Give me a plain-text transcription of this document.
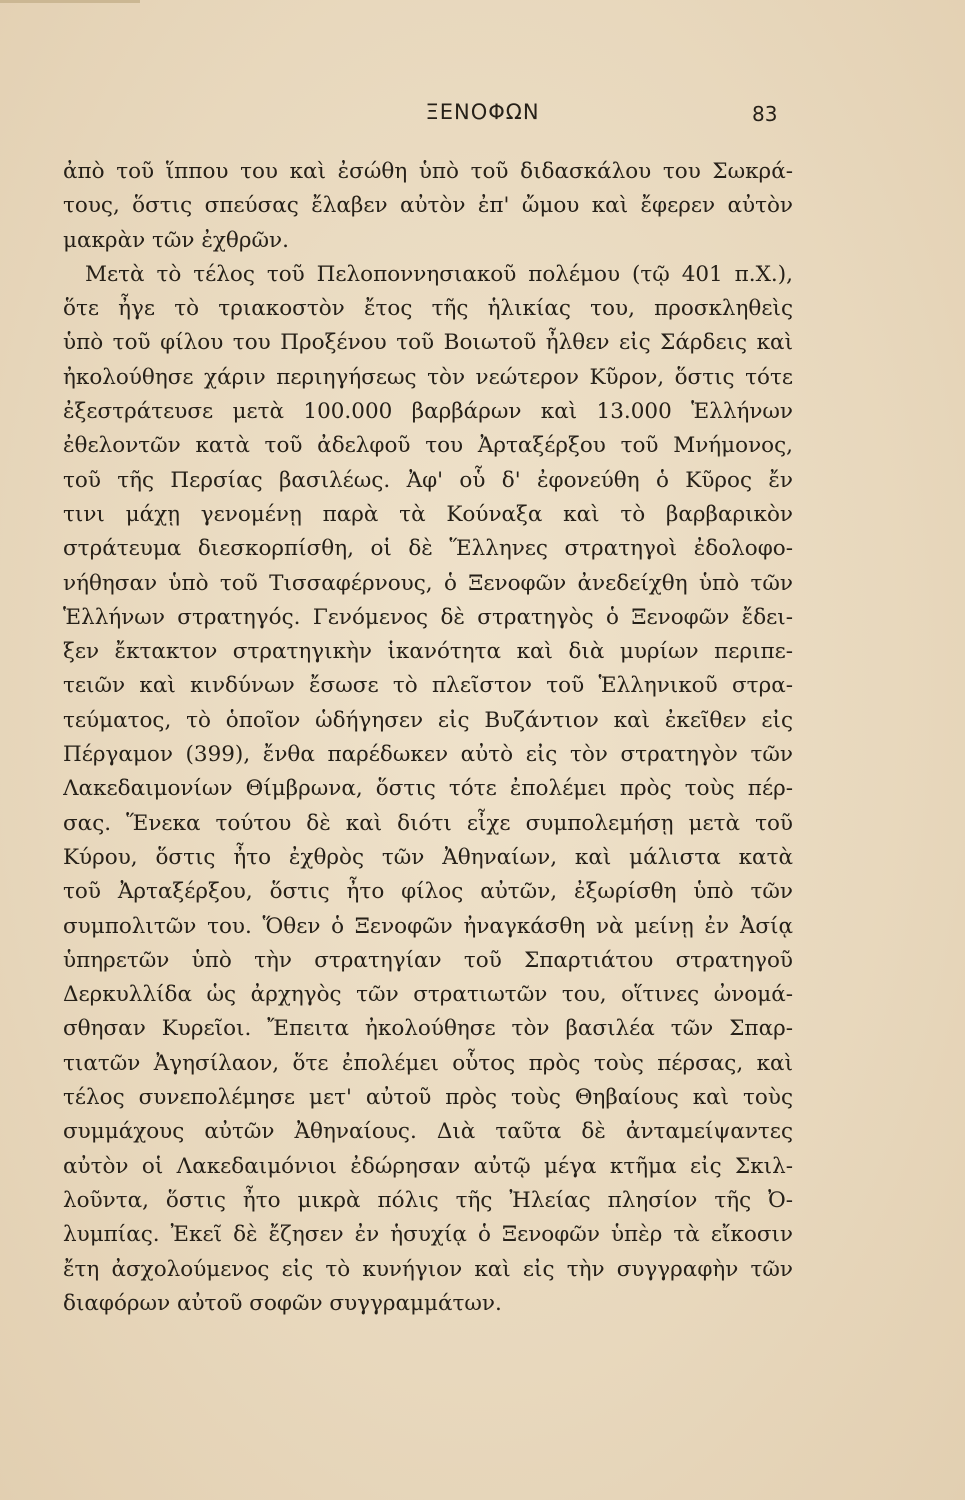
ΞΕΝΟΦΩΝ	83
ἀπὸ τοῦ ἵππου του καὶ ἐσώθη ὑπὸ τοῦ διδασκάλου του Σωκρά-
τους, ὅστις σπεύσας ἔλαβεν αὐτὸν ἐπ' ὤμου καὶ ἔφερεν αὐτὸν
μακρὰν τῶν ἐχθρῶν.
Μετὰ τὸ τέλος τοῦ Πελοποννησιακοῦ πολέμου (τῷ 401 π.Χ.),
ὅτε ἦγε τὸ τριακοστὸν ἔτος τῆς ἡλικίας του, προσκληθεὶς
ὑπὸ τοῦ φίλου του Προξένου τοῦ Βοιωτοῦ ἦλθεν εἰς Σάρδεις καὶ
ἠκολούθησε χάριν περιηγήσεως τὸν νεώτερον Κῦρον, ὅστις τότε
ἐξεστράτευσε μετὰ 100.000 βαρβάρων καὶ 13.000 Ἑλλήνων
ἐθελοντῶν κατὰ τοῦ ἀδελφοῦ του Ἀρταξέρξου τοῦ Μνήμονος,
τοῦ τῆς Περσίας βασιλέως. Ἀφ' οὗ δ' ἐφονεύθη ὁ Κῦρος ἔν
τινι μάχῃ γενομένῃ παρὰ τὰ Κούναξα καὶ τὸ βαρβαρικὸν
στράτευμα διεσκορπίσθη, οἱ δὲ Ἕλληνες στρατηγοὶ ἐδολοφο-
νήθησαν ὑπὸ τοῦ Τισσαφέρνους, ὁ Ξενοφῶν ἀνεδείχθη ὑπὸ τῶν
Ἑλλήνων στρατηγός. Γενόμενος δὲ στρατηγὸς ὁ Ξενοφῶν ἔδει-
ξεν ἔκτακτον στρατηγικὴν ἱκανότητα καὶ διὰ μυρίων περιπε-
τειῶν καὶ κινδύνων ἔσωσε τὸ πλεῖστον τοῦ Ἑλληνικοῦ στρα-
τεύματος, τὸ ὁποῖον ὡδήγησεν εἰς Βυζάντιον καὶ ἐκεῖθεν εἰς
Πέργαμον (399), ἔνθα παρέδωκεν αὐτὸ εἰς τὸν στρατηγὸν τῶν
Λακεδαιμονίων Θίμβρωνα, ὅστις τότε ἐπολέμει πρὸς τοὺς πέρ-
σας. Ἕνεκα τούτου δὲ καὶ διότι εἶχε συμπολεμήσῃ μετὰ τοῦ
Κύρου, ὅστις ἦτο ἐχθρὸς τῶν Ἀθηναίων, καὶ μάλιστα κατὰ
τοῦ Ἀρταξέρξου, ὅστις ἦτο φίλος αὐτῶν, ἐξωρίσθη ὑπὸ τῶν
συμπολιτῶν του. Ὅθεν ὁ Ξενοφῶν ἠναγκάσθη νὰ μείνῃ ἐν Ἀσίᾳ
ὑπηρετῶν ὑπὸ τὴν στρατηγίαν τοῦ Σπαρτιάτου στρατηγοῦ
Δερκυλλίδα ὡς ἀρχηγὸς τῶν στρατιωτῶν του, οἵτινες ὠνομά-
σθησαν Κυρεῖοι. Ἔπειτα ἠκολούθησε τὸν βασιλέα τῶν Σπαρ-
τιατῶν Ἀγησίλαον, ὅτε ἐπολέμει οὗτος πρὸς τοὺς πέρσας, καὶ
τέλος συνεπολέμησε μετ' αὐτοῦ πρὸς τοὺς Θηβαίους καὶ τοὺς
συμμάχους αὐτῶν Ἀθηναίους. Διὰ ταῦτα δὲ ἀνταμείψαντες
αὐτὸν οἱ Λακεδαιμόνιοι ἐδώρησαν αὐτῷ μέγα κτῆμα εἰς Σκιλ-
λοῦντα, ὅστις ἦτο μικρὰ πόλις τῆς Ἠλείας πλησίον τῆς Ὀ-
λυμπίας. Ἐκεῖ δὲ ἔζησεν ἐν ἡσυχίᾳ ὁ Ξενοφῶν ὑπὲρ τὰ εἴκοσιν
ἔτη ἀσχολούμενος εἰς τὸ κυνήγιον καὶ εἰς τὴν συγγραφὴν τῶν
διαφόρων αὐτοῦ σοφῶν συγγραμμάτων.
